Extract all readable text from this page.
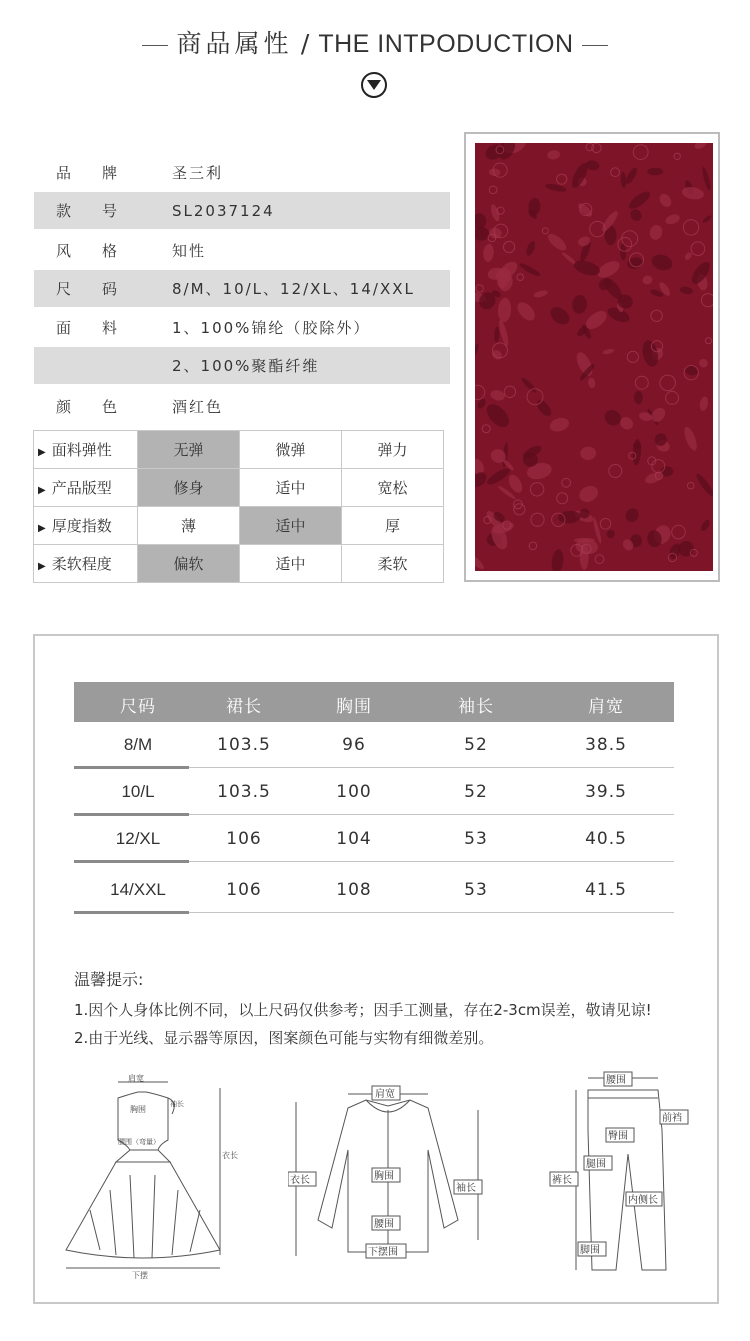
商品属性 / THE INTPODUCTION
品 牌	圣三利
款 号	SL2037124
风 格	知性
尺 码	8/M、10/L、12/XL、14/XXL
面 料	1、100%锦纶（胶除外）
2、100%聚酯纤维
颜 色	酒红色
▶ 面料弹性	无弹	微弹	弹力
▶ 产品版型	修身	适中	宽松
▶ 厚度指数	薄	适中	厚
▶ 柔软程度	偏软	适中	柔软
尺码	裙长	胸围	袖长	肩宽
8/M	103.5	96	52	38.5
10/L	103.5	100	52	39.5
12/XL	106	104	53	40.5
14/XXL	106	108	53	41.5
温馨提示:
1.因个人身体比例不同，以上尺码仅供参考；因手工测量，存在2-3cm误差，敬请见谅!
2.由于光线、显示器等原因，图案颜色可能与实物有细微差别。
肩宽
胸围
袖长
腰围（弯量）
衣长
下摆
肩宽
衣长	胸围
袖长
腰围
下摆围
腰围
前裆
臀围
腿围
裤长
内侧长
脚围
